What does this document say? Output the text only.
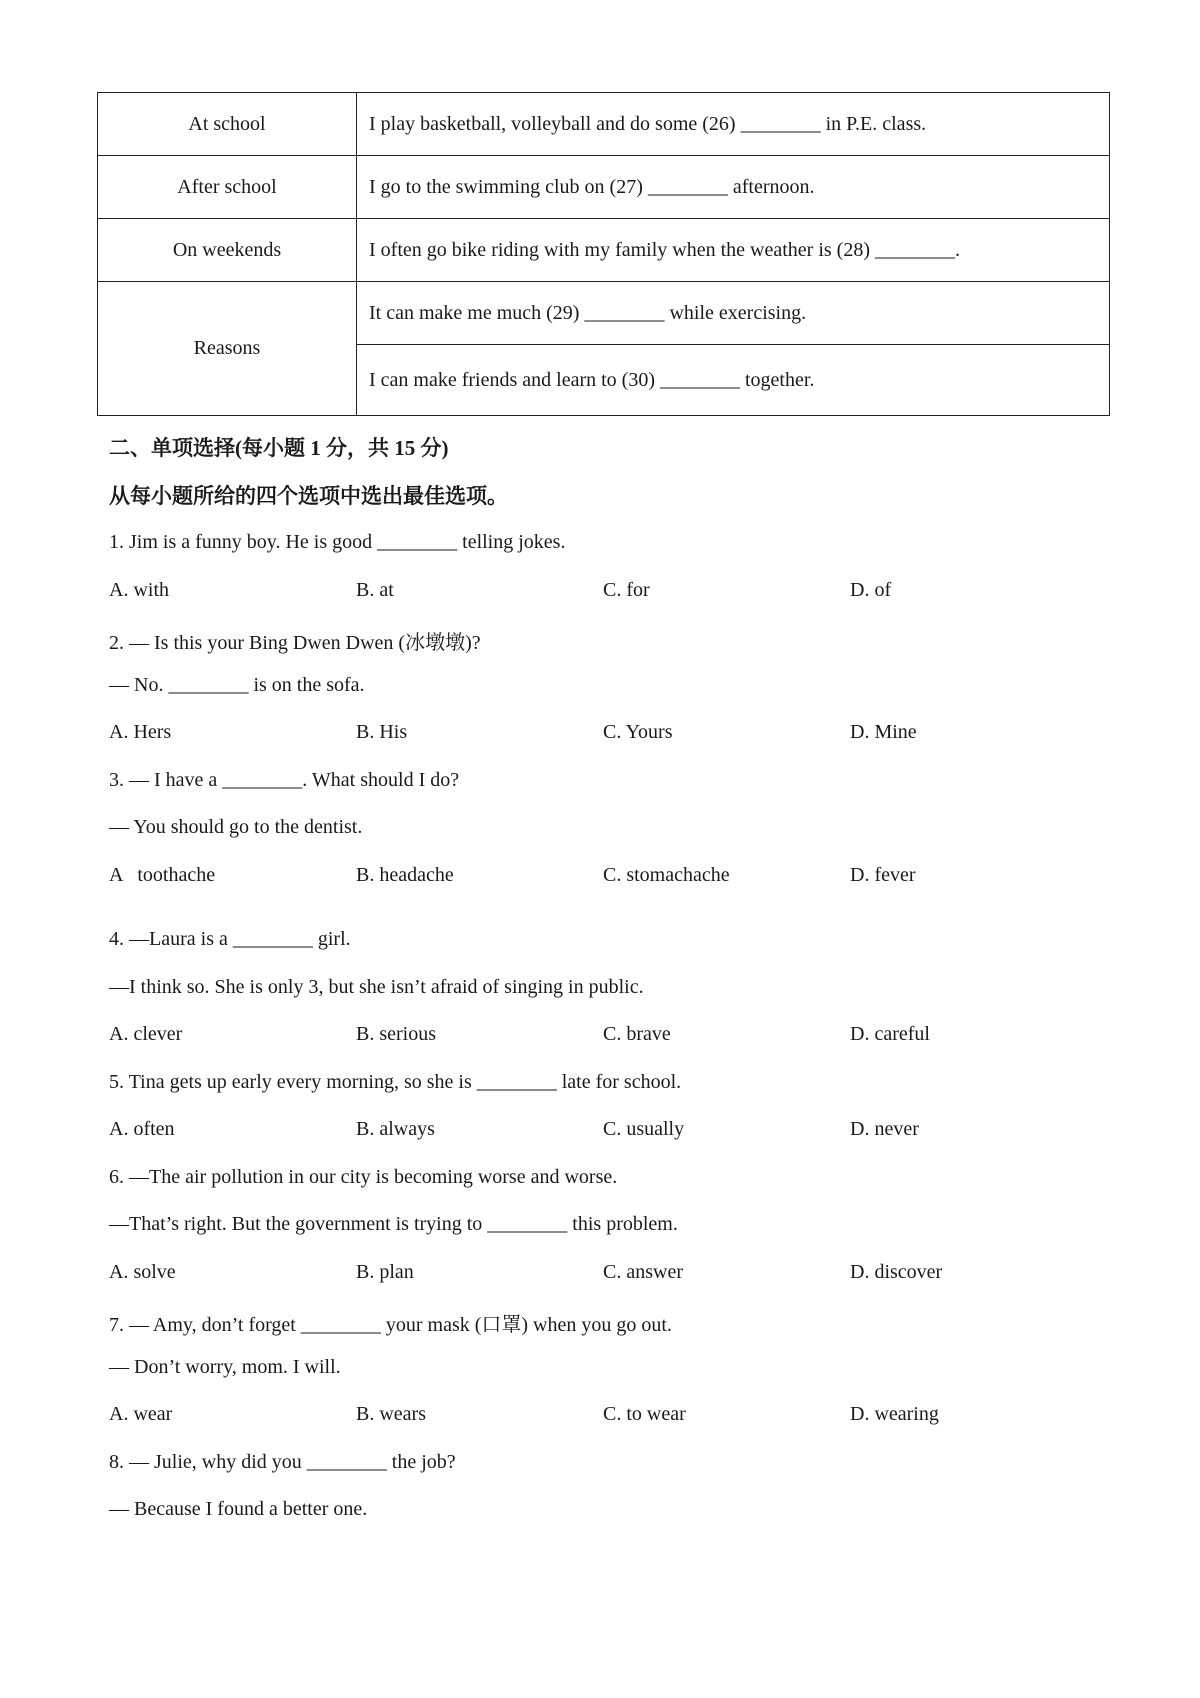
At school	I play basketball, volleyball and do some (26) ________ in P.E. class.
After school	I go to the swimming club on (27) ________ afternoon.
On weekends	I often go bike riding with my family when the weather is (28) ________.
Reasons	It can make me much (29) ________ while exercising.
	I can make friends and learn to (30) ________ together.
二、单项选择(每小题 1 分，共 15 分)
从每小题所给的四个选项中选出最佳选项。
1. Jim is a funny boy. He is good ________ telling jokes.
A. with	B. at	C. for	D. of
2. — Is this your Bing Dwen Dwen (冰墩墩)?
— No. ________ is on the sofa.
A. Hers	B. His	C. Yours	D. Mine
3. — I have a ________. What should I do?
— You should go to the dentist.
A   toothache	B. headache	C. stomachache	D. fever
4. —Laura is a ________ girl.
—I think so. She is only 3, but she isn’t afraid of singing in public.
A. clever	B. serious	C. brave	D. careful
5. Tina gets up early every morning, so she is ________ late for school.
A. often	B. always	C. usually	D. never
6. —The air pollution in our city is becoming worse and worse.
—That’s right. But the government is trying to ________ this problem.
A. solve	B. plan	C. answer	D. discover
7. — Amy, don’t forget ________ your mask (口罩) when you go out.
— Don’t worry, mom. I will.
A. wear	B. wears	C. to wear	D. wearing
8. — Julie, why did you ________ the job?
— Because I found a better one.
